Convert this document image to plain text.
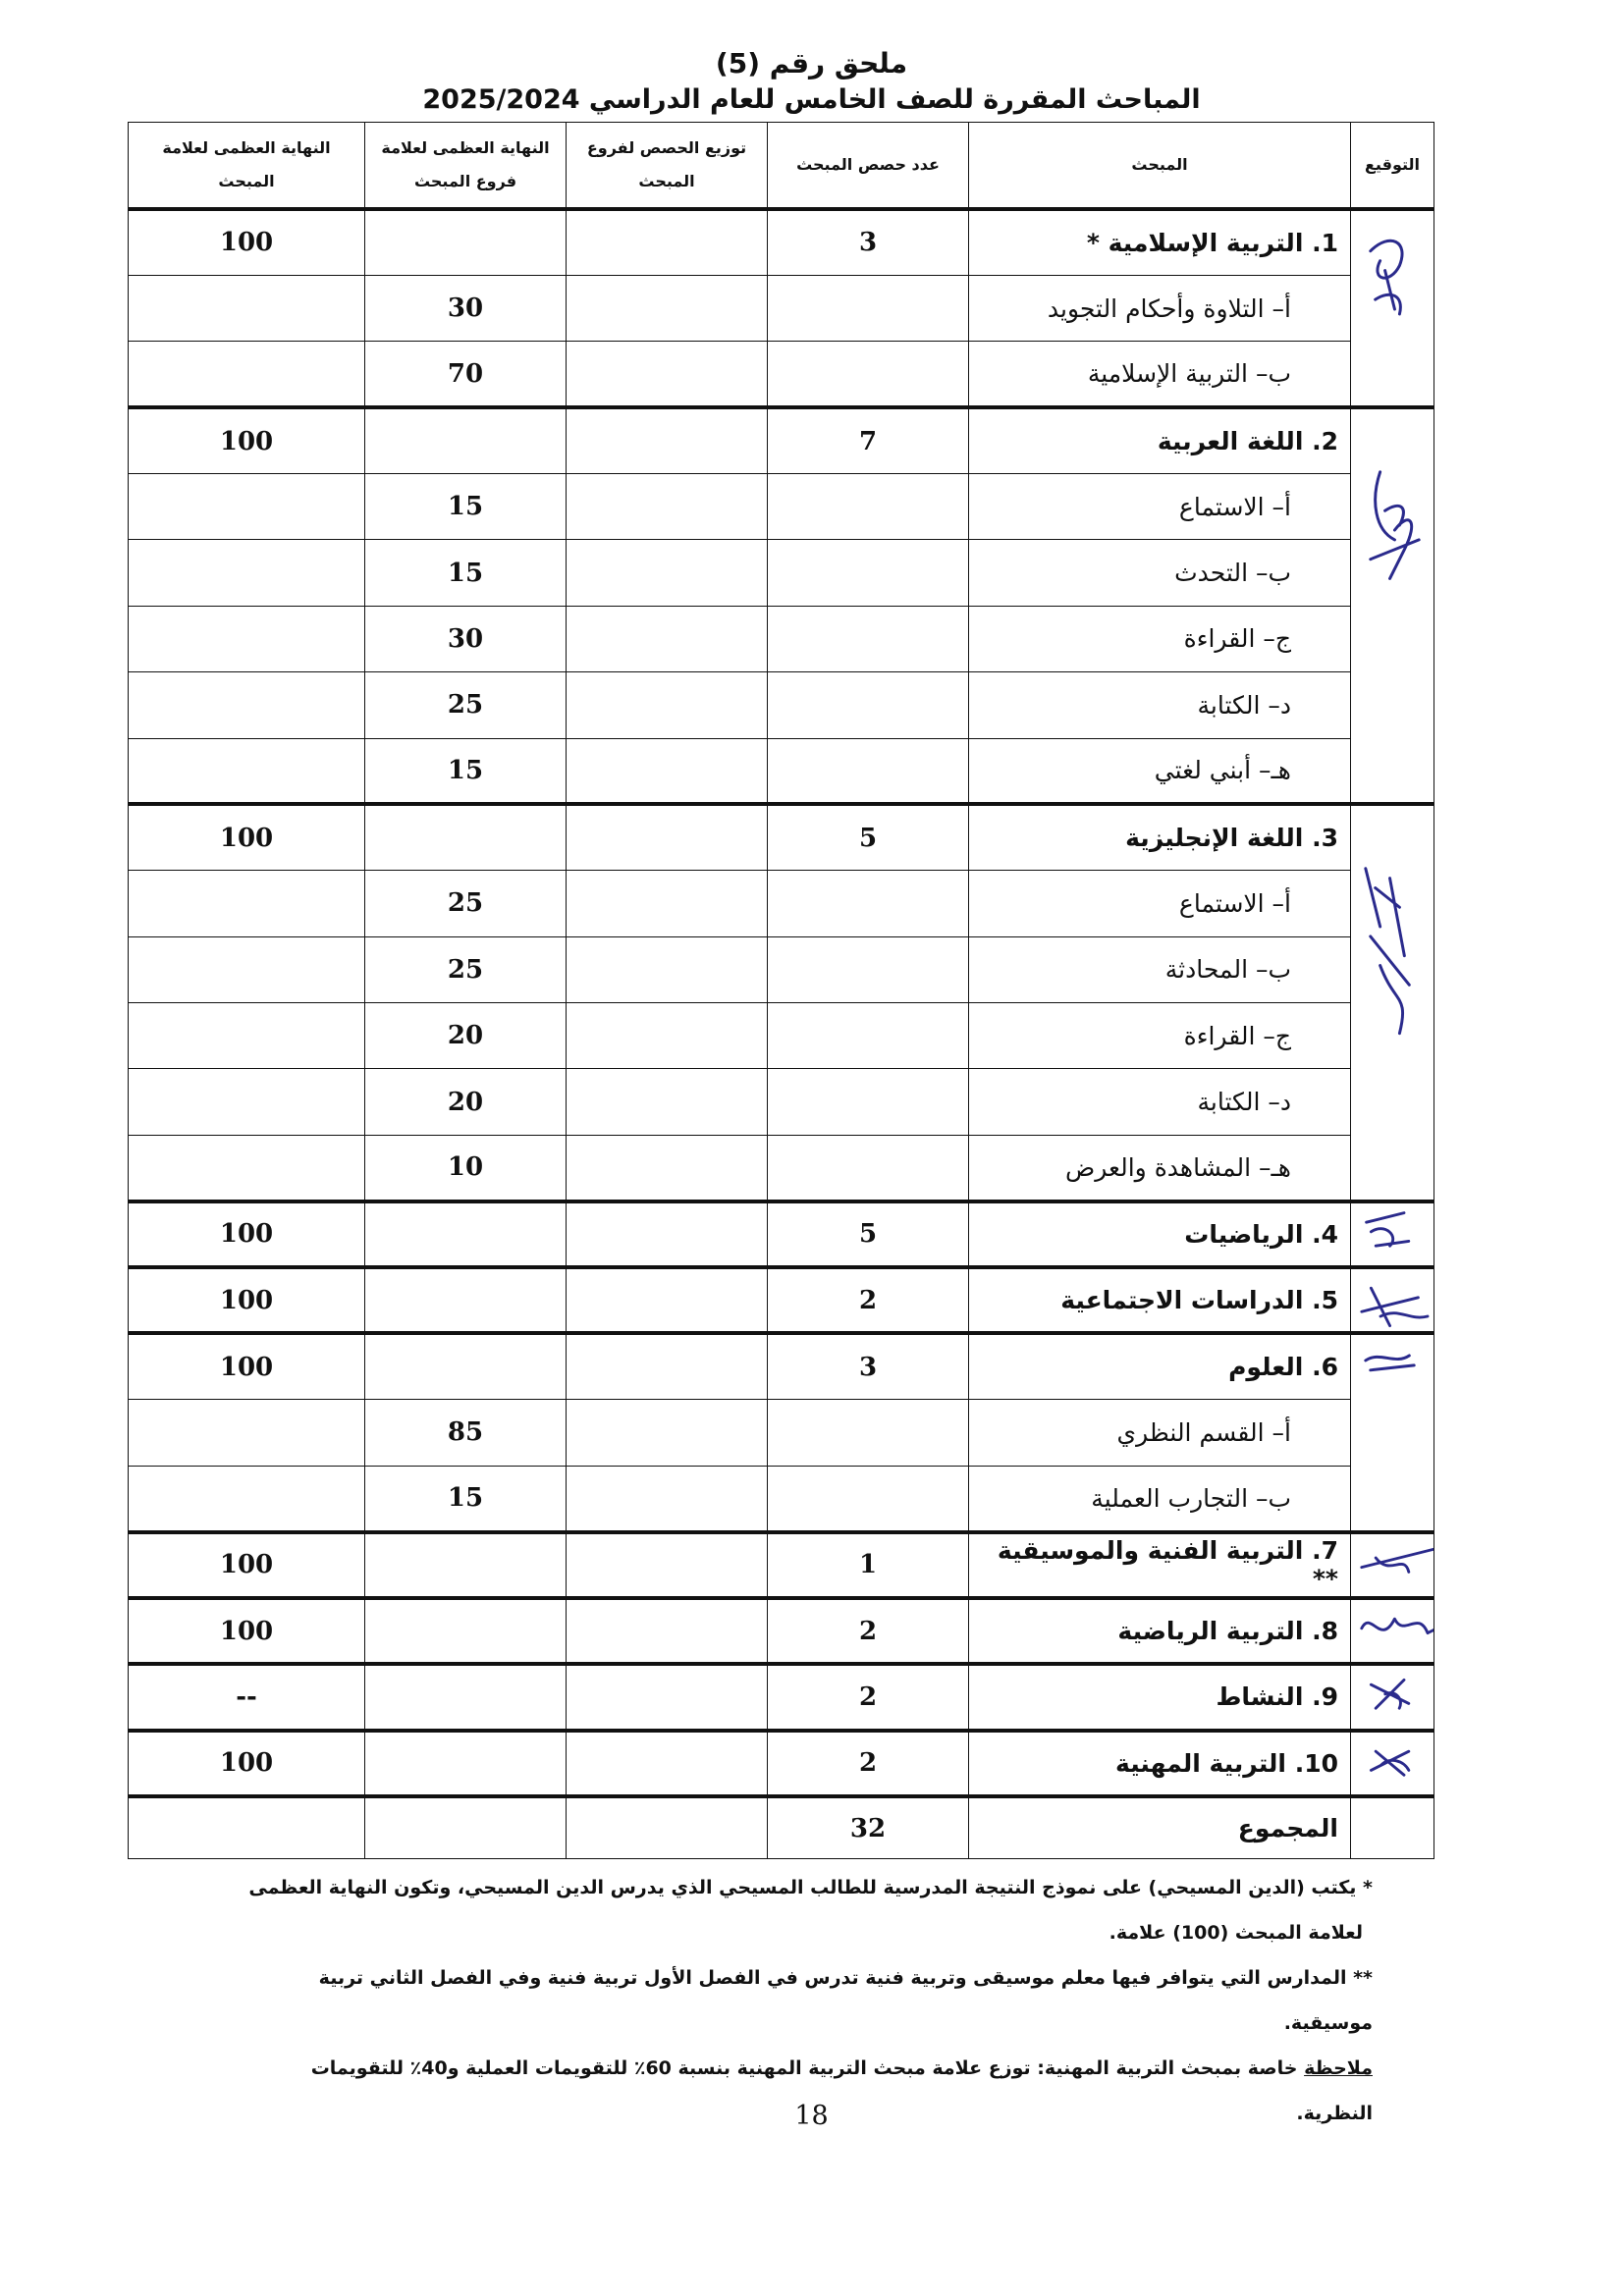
ملحق رقم (5)
المباحث المقررة للصف الخامس للعام الدراسي 2025/2024
التوقيع	المبحث	عدد حصص المبحث	توزيع الحصص لفروع المبحث	النهاية العظمى لعلامة فروع المبحث	النهاية العظمى لعلامة المبحث

	1. التربية الإسلامية *	3			100
	أ– التلاوة وأحكام التجويد			30	
	ب– التربية الإسلامية			70	

	2. اللغة العربية	7			100
	أ– الاستماع			15	
	ب– التحدث			15	
	ج– القراءة			30	
	د– الكتابة			25	
	هـ– أبني لغتي			15	

	3. اللغة الإنجليزية	5			100
	أ– الاستماع			25	
	ب– المحادثة			25	
	ج– القراءة			20	
	د– الكتابة			20	
	هـ– المشاهدة والعرض			10	

	4. الرياضيات	5			100

	5. الدراسات الاجتماعية	2			100

	6. العلوم	3			100
	أ– القسم النظري			85	
	ب– التجارب العملية			15	

	7. التربية الفنية والموسيقية **	1			100

	8. التربية الرياضية	2			100

	9. النشاط	2			--

	10. التربية المهنية	2			100
	المجموع	32			
* يكتب (الدين المسيحي) على نموذج النتيجة المدرسية للطالب المسيحي الذي يدرس الدين المسيحي، وتكون النهاية العظمى
لعلامة المبحث (100) علامة.
** المدارس التي يتوافر فيها معلم موسيقى وتربية فنية تدرس في الفصل الأول تربية فنية وفي الفصل الثاني تربية موسيقية.
ملاحظة خاصة بمبحث التربية المهنية: توزع علامة مبحث التربية المهنية بنسبة 60٪ للتقويمات العملية و40٪ للتقويمات النظرية.
18
